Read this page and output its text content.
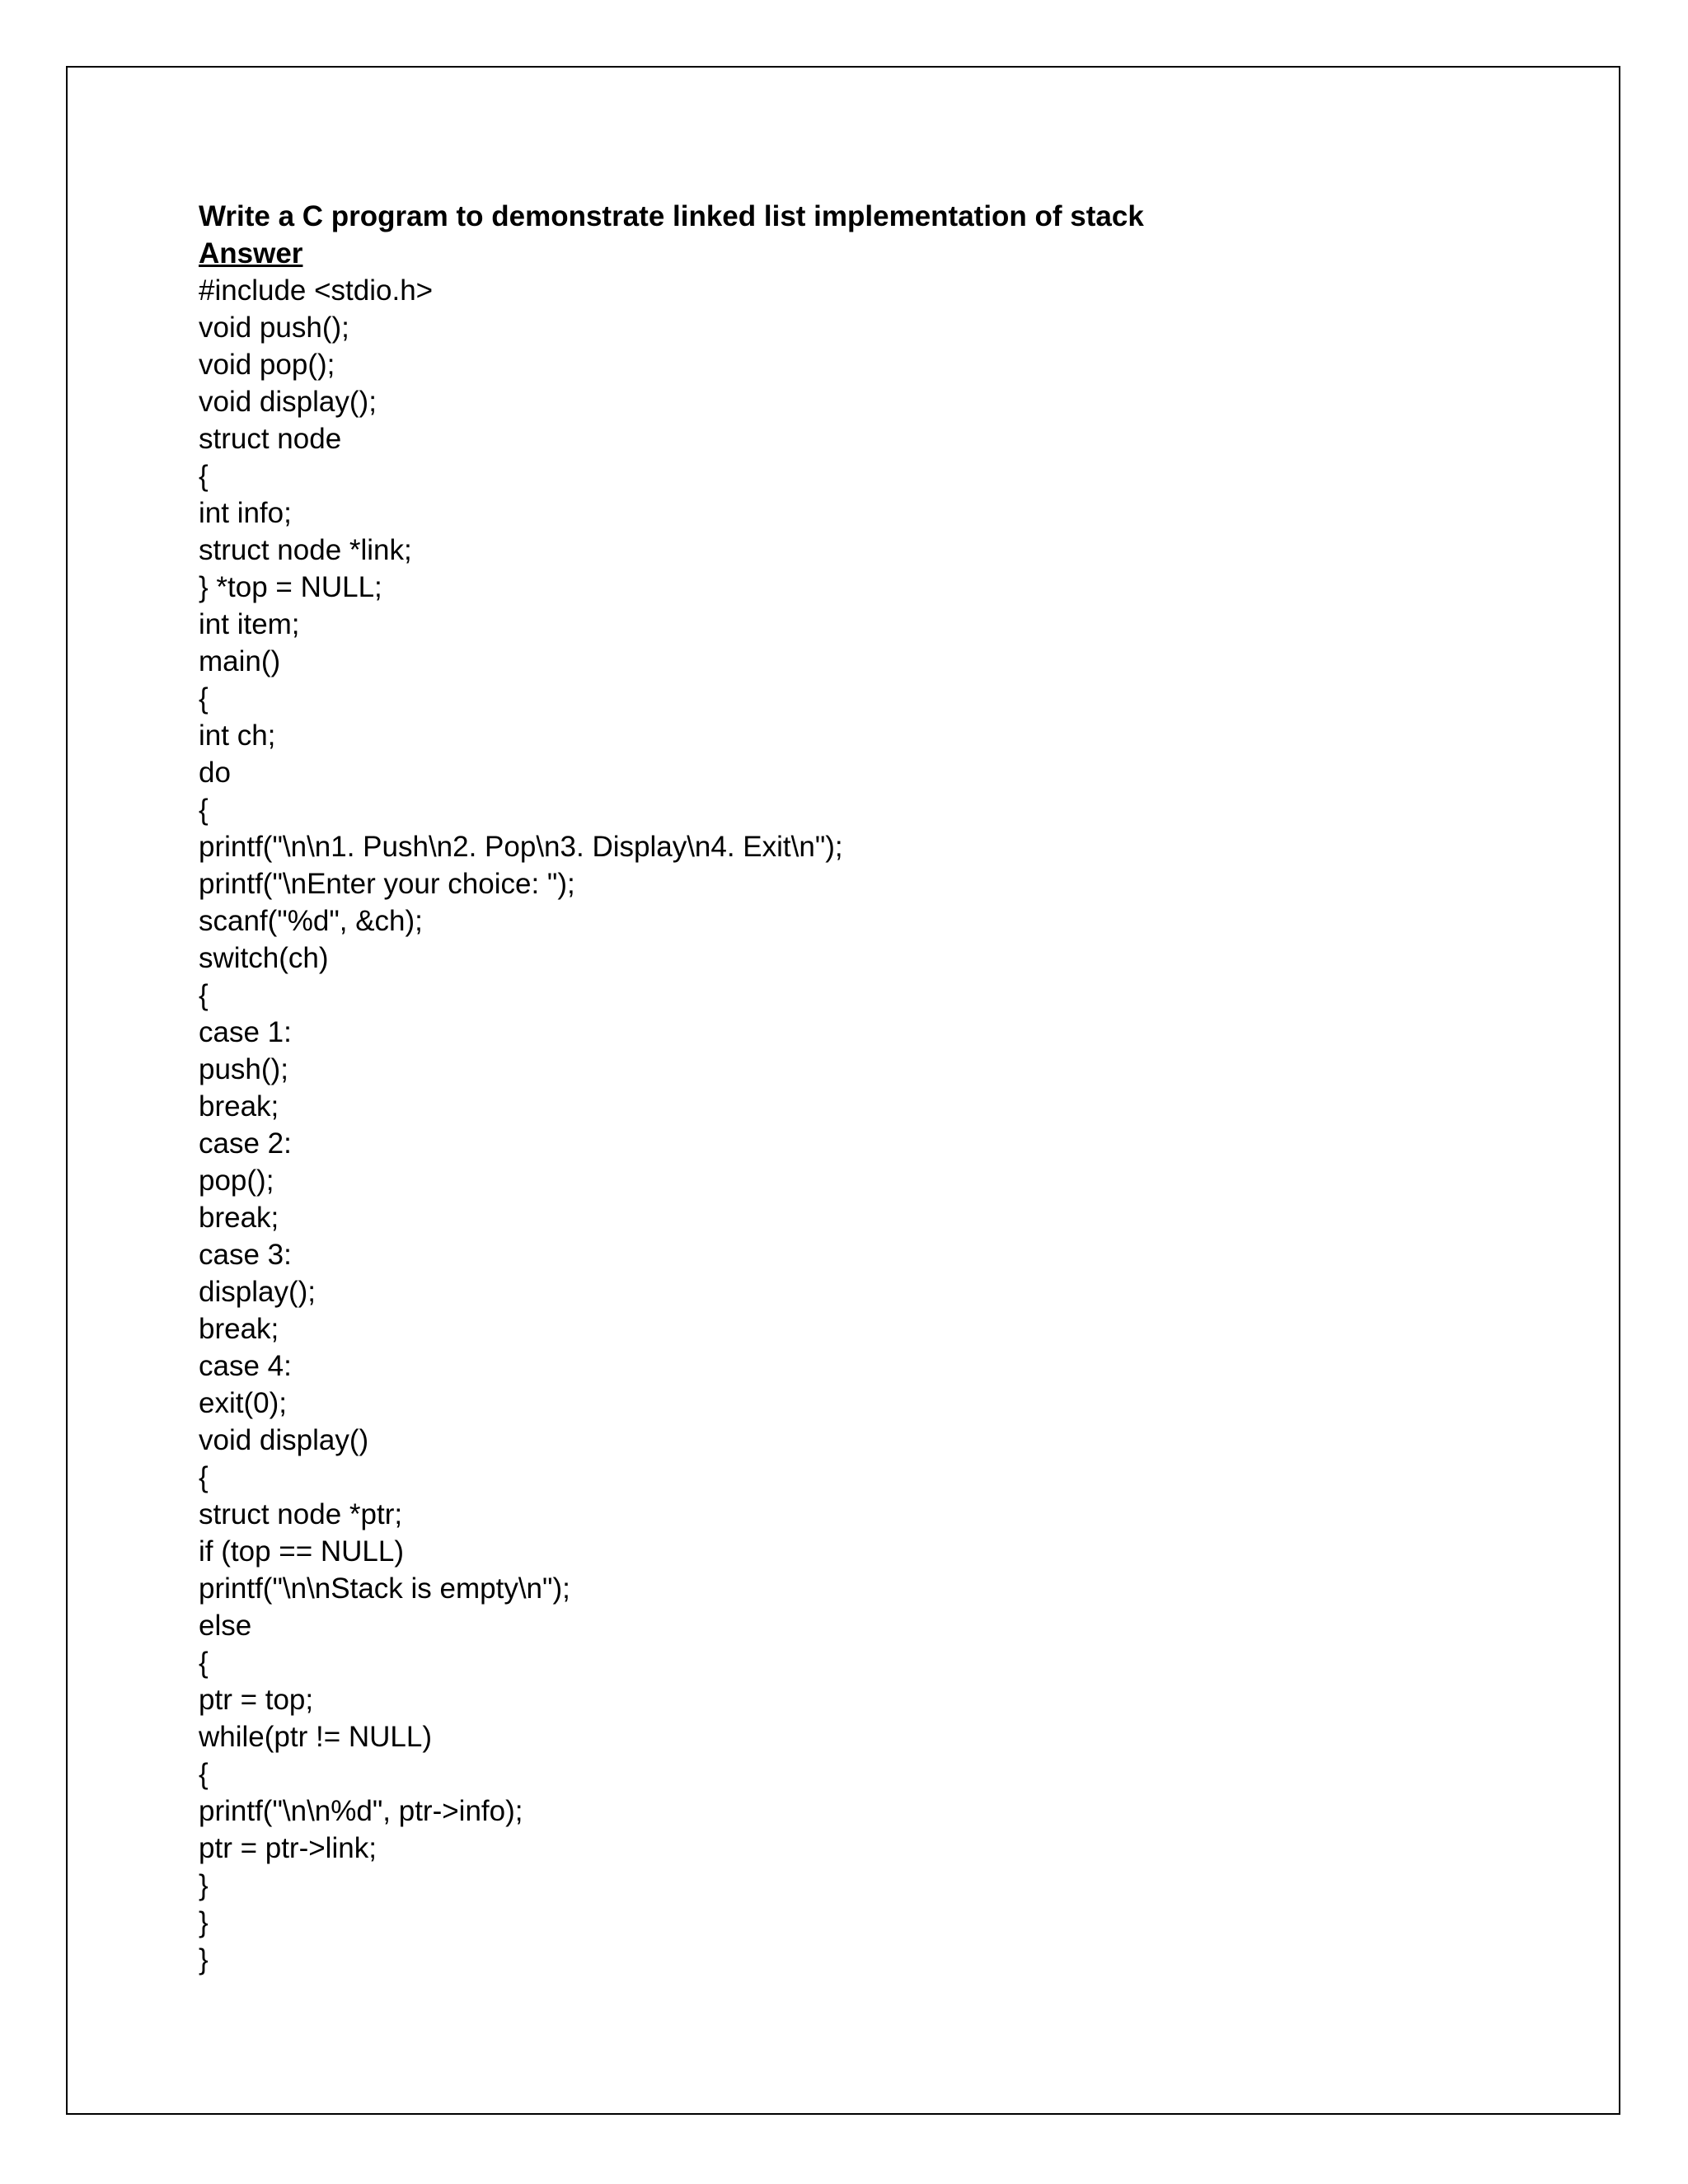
Write a C program to demonstrate linked list implementation of stack
Answer
#include <stdio.h>
void push();
void pop();
void display();
struct node
{
int info;
struct node *link;
} *top = NULL;
int item;
main()
{
int ch;
do
{
printf("\n\n1. Push\n2. Pop\n3. Display\n4. Exit\n");
printf("\nEnter your choice: ");
scanf("%d", &ch);
switch(ch)
{
case 1:
push();
break;
case 2:
pop();
break;
case 3:
display();
break;
case 4:
exit(0);
void display()
{
struct node *ptr;
if (top == NULL)
printf("\n\nStack is empty\n");
else
{
ptr = top;
while(ptr != NULL)
{
printf("\n\n%d", ptr->info);
ptr = ptr->link;
}
}
}
